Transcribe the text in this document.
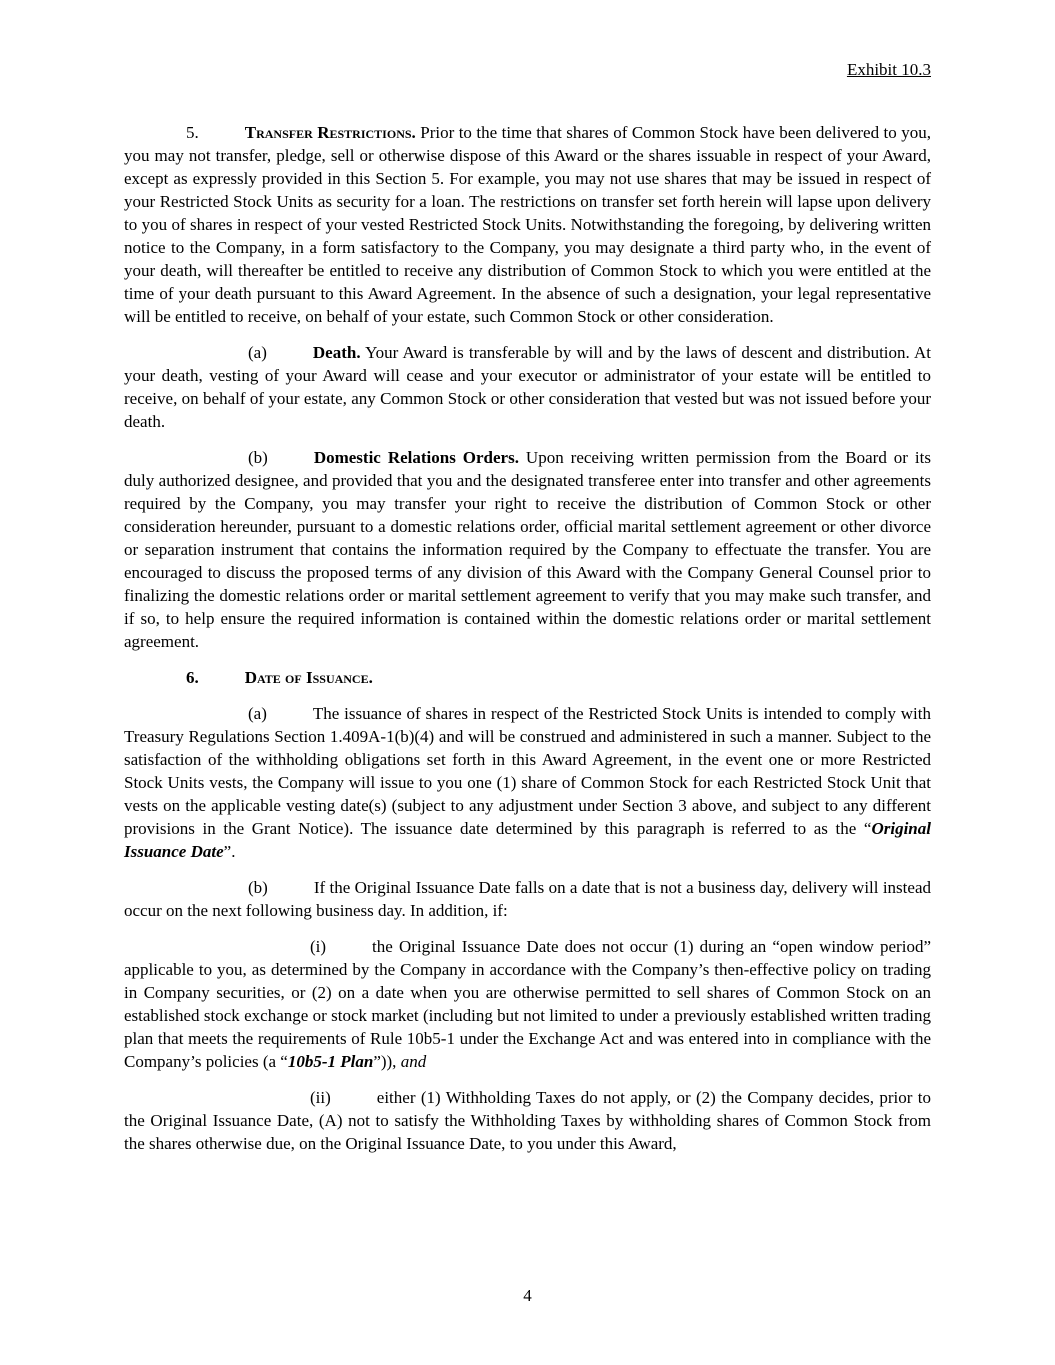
Exhibit 10.3

5.	Transfer Restrictions. Prior to the time that shares of Common Stock have been delivered to you, you may not transfer, pledge, sell or otherwise dispose of this Award or the shares issuable in respect of your Award, except as expressly provided in this Section 5. For example, you may not use shares that may be issued in respect of your Restricted Stock Units as security for a loan. The restrictions on transfer set forth herein will lapse upon delivery to you of shares in respect of your vested Restricted Stock Units. Notwithstanding the foregoing, by delivering written notice to the Company, in a form satisfactory to the Company, you may designate a third party who, in the event of your death, will thereafter be entitled to receive any distribution of Common Stock to which you were entitled at the time of your death pursuant to this Award Agreement. In the absence of such a designation, your legal representative will be entitled to receive, on behalf of your estate, such Common Stock or other consideration.

(a)	Death. Your Award is transferable by will and by the laws of descent and distribution. At your death, vesting of your Award will cease and your executor or administrator of your estate will be entitled to receive, on behalf of your estate, any Common Stock or other consideration that vested but was not issued before your death.

(b)	Domestic Relations Orders. Upon receiving written permission from the Board or its duly authorized designee, and provided that you and the designated transferee enter into transfer and other agreements required by the Company, you may transfer your right to receive the distribution of Common Stock or other consideration hereunder, pursuant to a domestic relations order, official marital settlement agreement or other divorce or separation instrument that contains the information required by the Company to effectuate the transfer. You are encouraged to discuss the proposed terms of any division of this Award with the Company General Counsel prior to finalizing the domestic relations order or marital settlement agreement to verify that you may make such transfer, and if so, to help ensure the required information is contained within the domestic relations order or marital settlement agreement.

6.	Date of Issuance.

(a)	The issuance of shares in respect of the Restricted Stock Units is intended to comply with Treasury Regulations Section 1.409A-1(b)(4) and will be construed and administered in such a manner. Subject to the satisfaction of the withholding obligations set forth in this Award Agreement, in the event one or more Restricted Stock Units vests, the Company will issue to you one (1) share of Common Stock for each Restricted Stock Unit that vests on the applicable vesting date(s) (subject to any adjustment under Section 3 above, and subject to any different provisions in the Grant Notice). The issuance date determined by this paragraph is referred to as the “Original Issuance Date”.

(b)	If the Original Issuance Date falls on a date that is not a business day, delivery will instead occur on the next following business day. In addition, if:

(i)	the Original Issuance Date does not occur (1) during an “open window period” applicable to you, as determined by the Company in accordance with the Company’s then-effective policy on trading in Company securities, or (2) on a date when you are otherwise permitted to sell shares of Common Stock on an established stock exchange or stock market (including but not limited to under a previously established written trading plan that meets the requirements of Rule 10b5-1 under the Exchange Act and was entered into in compliance with the Company’s policies (a “10b5-1 Plan”)), and

(ii)	either (1) Withholding Taxes do not apply, or (2) the Company decides, prior to the Original Issuance Date, (A) not to satisfy the Withholding Taxes by withholding shares of Common Stock from the shares otherwise due, on the Original Issuance Date, to you under this Award,

4
